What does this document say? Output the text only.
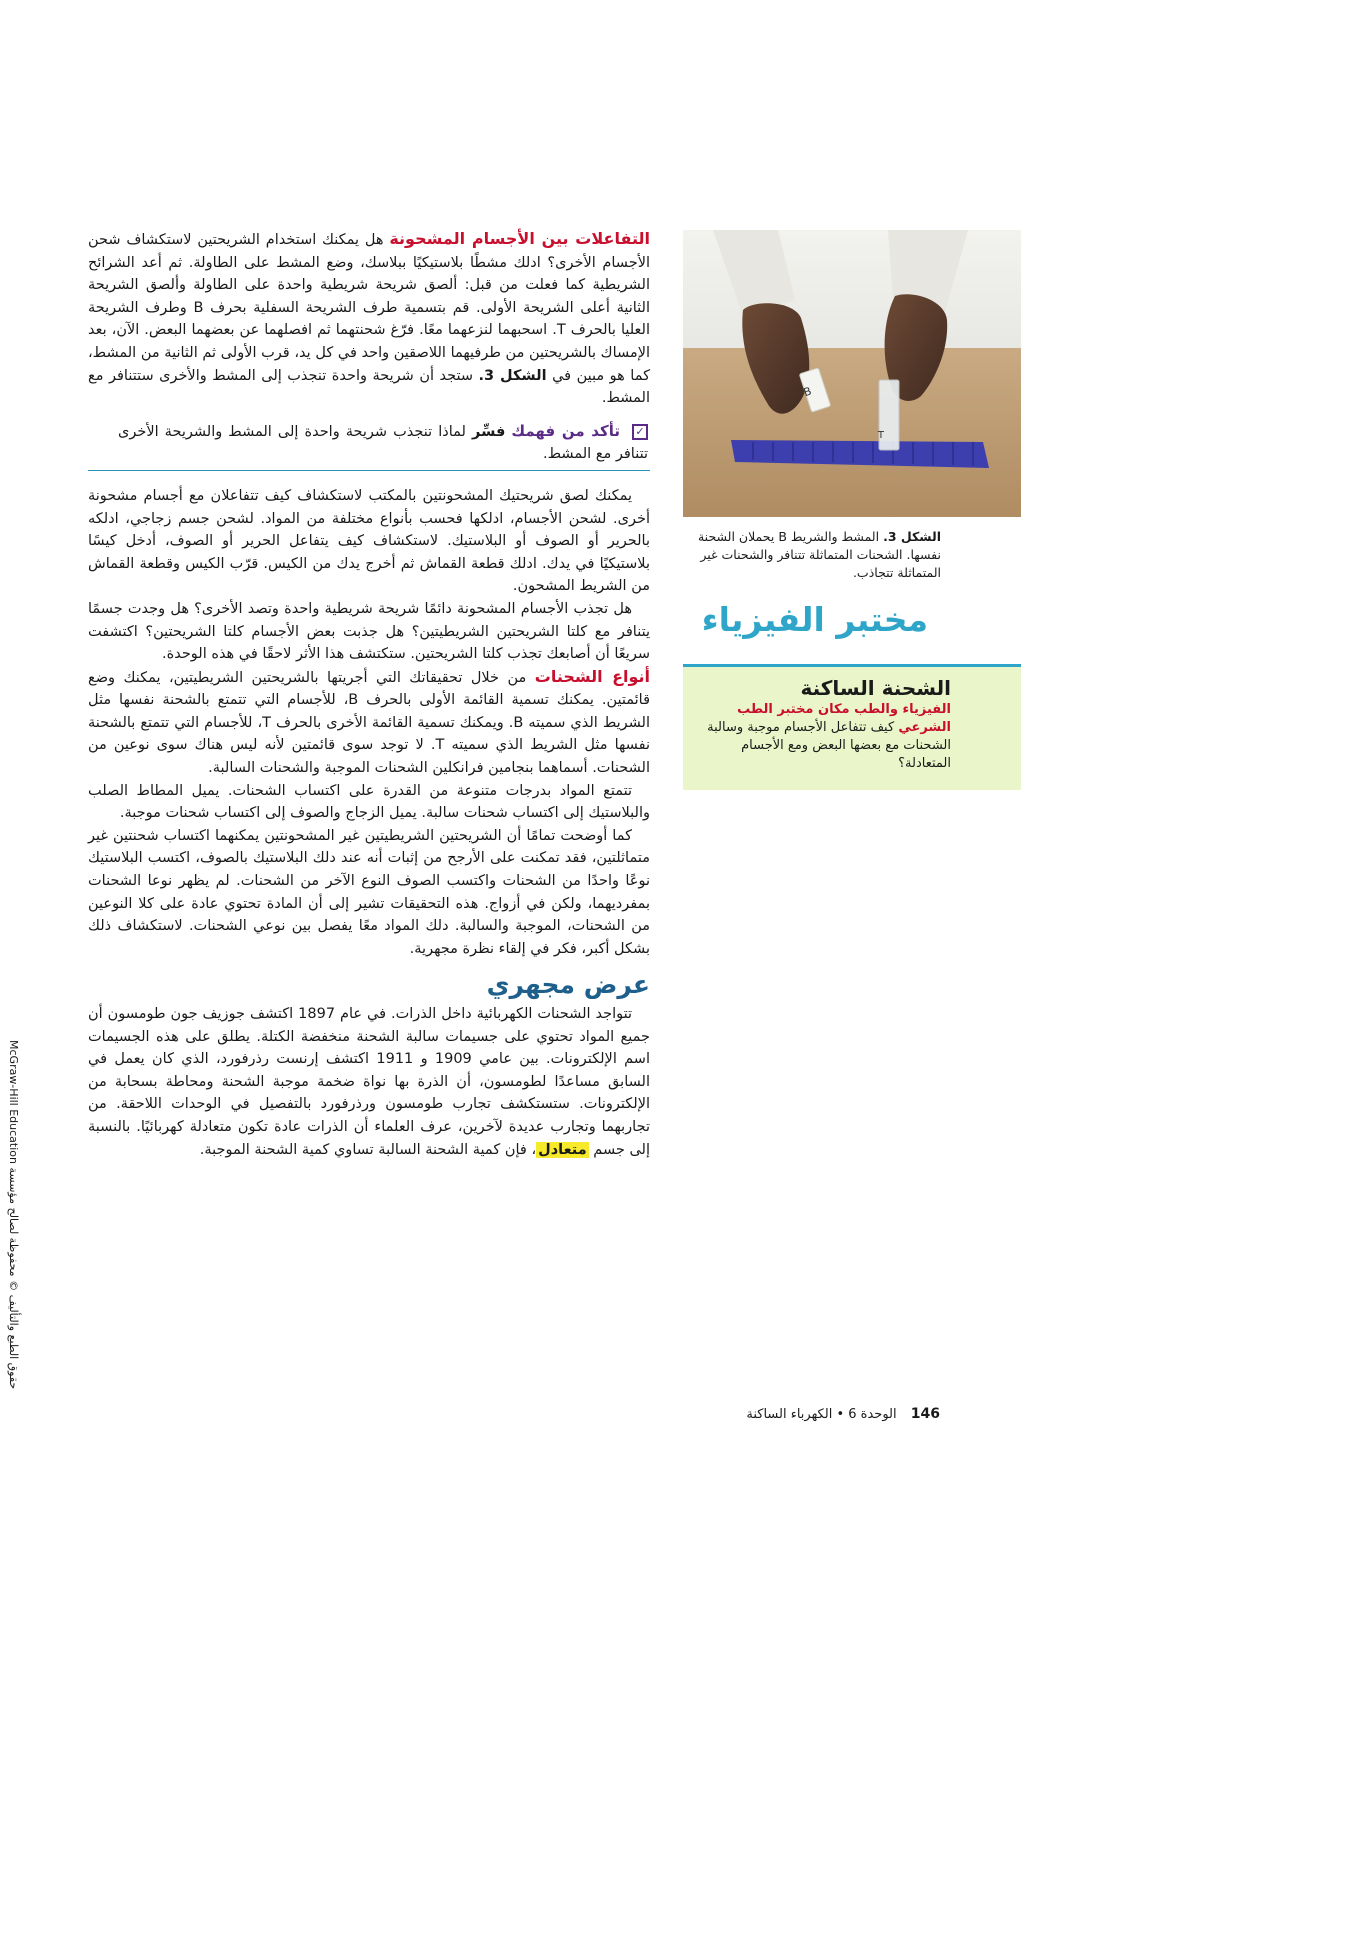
التفاعلات بين الأجسام المشحونة هل يمكنك استخدام الشريحتين لاستكشاف شحن الأجسام الأخرى؟ ادلك مشطًا بلاستيكيًا ببلاسك، وضع المشط على الطاولة. ثم أعد الشرائح الشريطية كما فعلت من قبل: ألصق شريحة شريطية واحدة على الطاولة وألصق الشريحة الثانية أعلى الشريحة الأولى. قم بتسمية طرف الشريحة السفلية بحرف B وطرف الشريحة العليا بالحرف T. اسحبهما لنزعهما معًا. فرّغ شحنتهما ثم افصلهما عن بعضهما البعض. الآن، بعد الإمساك بالشريحتين من طرفيهما اللاصقين واحد في كل يد، قرب الأولى ثم الثانية من المشط، كما هو مبين في الشكل 3. ستجد أن شريحة واحدة تنجذب إلى المشط والأخرى ستتنافر مع المشط.

✓ تأكد من فهمك فسِّر لماذا تنجذب شريحة واحدة إلى المشط والشريحة الأخرى تتنافر مع المشط.

يمكنك لصق شريحتيك المشحونتين بالمكتب لاستكشاف كيف تتفاعلان مع أجسام مشحونة أخرى. لشحن الأجسام، ادلكها فحسب بأنواع مختلفة من المواد. لشحن جسم زجاجي، ادلكه بالحرير أو الصوف أو البلاستيك. لاستكشاف كيف يتفاعل الحرير أو الصوف، أدخل كيسًا بلاستيكيًا في يدك. ادلك قطعة القماش ثم أخرج يدك من الكيس. قرّب الكيس وقطعة القماش من الشريط المشحون.

هل تجذب الأجسام المشحونة دائمًا شريحة شريطية واحدة وتصد الأخرى؟ هل وجدت جسمًا يتنافر مع كلتا الشريحتين الشريطيتين؟ هل جذبت بعض الأجسام كلتا الشريحتين؟ اكتشفت سريعًا أن أصابعك تجذب كلتا الشريحتين. ستكتشف هذا الأثر لاحقًا في هذه الوحدة.

أنواع الشحنات من خلال تحقيقاتك التي أجريتها بالشريحتين الشريطيتين، يمكنك وضع قائمتين. يمكنك تسمية القائمة الأولى بالحرف B، للأجسام التي تتمتع بالشحنة نفسها مثل الشريط الذي سميته B. ويمكنك تسمية القائمة الأخرى بالحرف T، للأجسام التي تتمتع بالشحنة نفسها مثل الشريط الذي سميته T. لا توجد سوى قائمتين لأنه ليس هناك سوى نوعين من الشحنات. أسماهما بنجامين فرانكلين الشحنات الموجبة والشحنات السالبة.

تتمتع المواد بدرجات متنوعة من القدرة على اكتساب الشحنات. يميل المطاط الصلب والبلاستيك إلى اكتساب شحنات سالبة. يميل الزجاج والصوف إلى اكتساب شحنات موجبة.

كما أوضحت تمامًا أن الشريحتين الشريطيتين غير المشحونتين يمكنهما اكتساب شحنتين غير متماثلتين، فقد تمكنت على الأرجح من إثبات أنه عند دلك البلاستيك بالصوف، اكتسب البلاستيك نوعًا واحدًا من الشحنات واكتسب الصوف النوع الآخر من الشحنات. لم يظهر نوعا الشحنات بمفرديهما، ولكن في أزواج. هذه التحقيقات تشير إلى أن المادة تحتوي عادة على كلا النوعين من الشحنات، الموجبة والسالبة. دلك المواد معًا يفصل بين نوعي الشحنات. لاستكشاف ذلك بشكل أكبر، فكر في إلقاء نظرة مجهرية.

عرض مجهري

تتواجد الشحنات الكهربائية داخل الذرات. في عام 1897 اكتشف جوزيف جون طومسون أن جميع المواد تحتوي على جسيمات سالبة الشحنة منخفضة الكتلة. يطلق على هذه الجسيمات اسم الإلكترونات. بين عامي 1909 و 1911 اكتشف إرنست رذرفورد، الذي كان يعمل في السابق مساعدًا لطومسون، أن الذرة بها نواة ضخمة موجبة الشحنة ومحاطة بسحابة من الإلكترونات. ستستكشف تجارب طومسون ورذرفورد بالتفصيل في الوحدات اللاحقة. من تجاربهما وتجارب عديدة لآخرين، عرف العلماء أن الذرات عادة تكون متعادلة كهربائيًا. بالنسبة إلى جسم متعادل، فإن كمية الشحنة السالبة تساوي كمية الشحنة الموجبة.

B
T
الشكل 3. المشط والشريط B يحملان الشحنة نفسها. الشحنات المتماثلة تتنافر والشحنات غير المتماثلة تتجاذب.
مختبر الفيزياء
الشحنة الساكنة
الفيزياء والطب مكان مختبر الطب الشرعي كيف تتفاعل الأجسام موجبة وسالبة الشحنات مع بعضها البعض ومع الأجسام المتعادلة؟
146 الوحدة 6 • الكهرباء الساكنة
حقوق الطبع والتأليف © محفوظة لصالح مؤسسة McGraw-Hill Education
